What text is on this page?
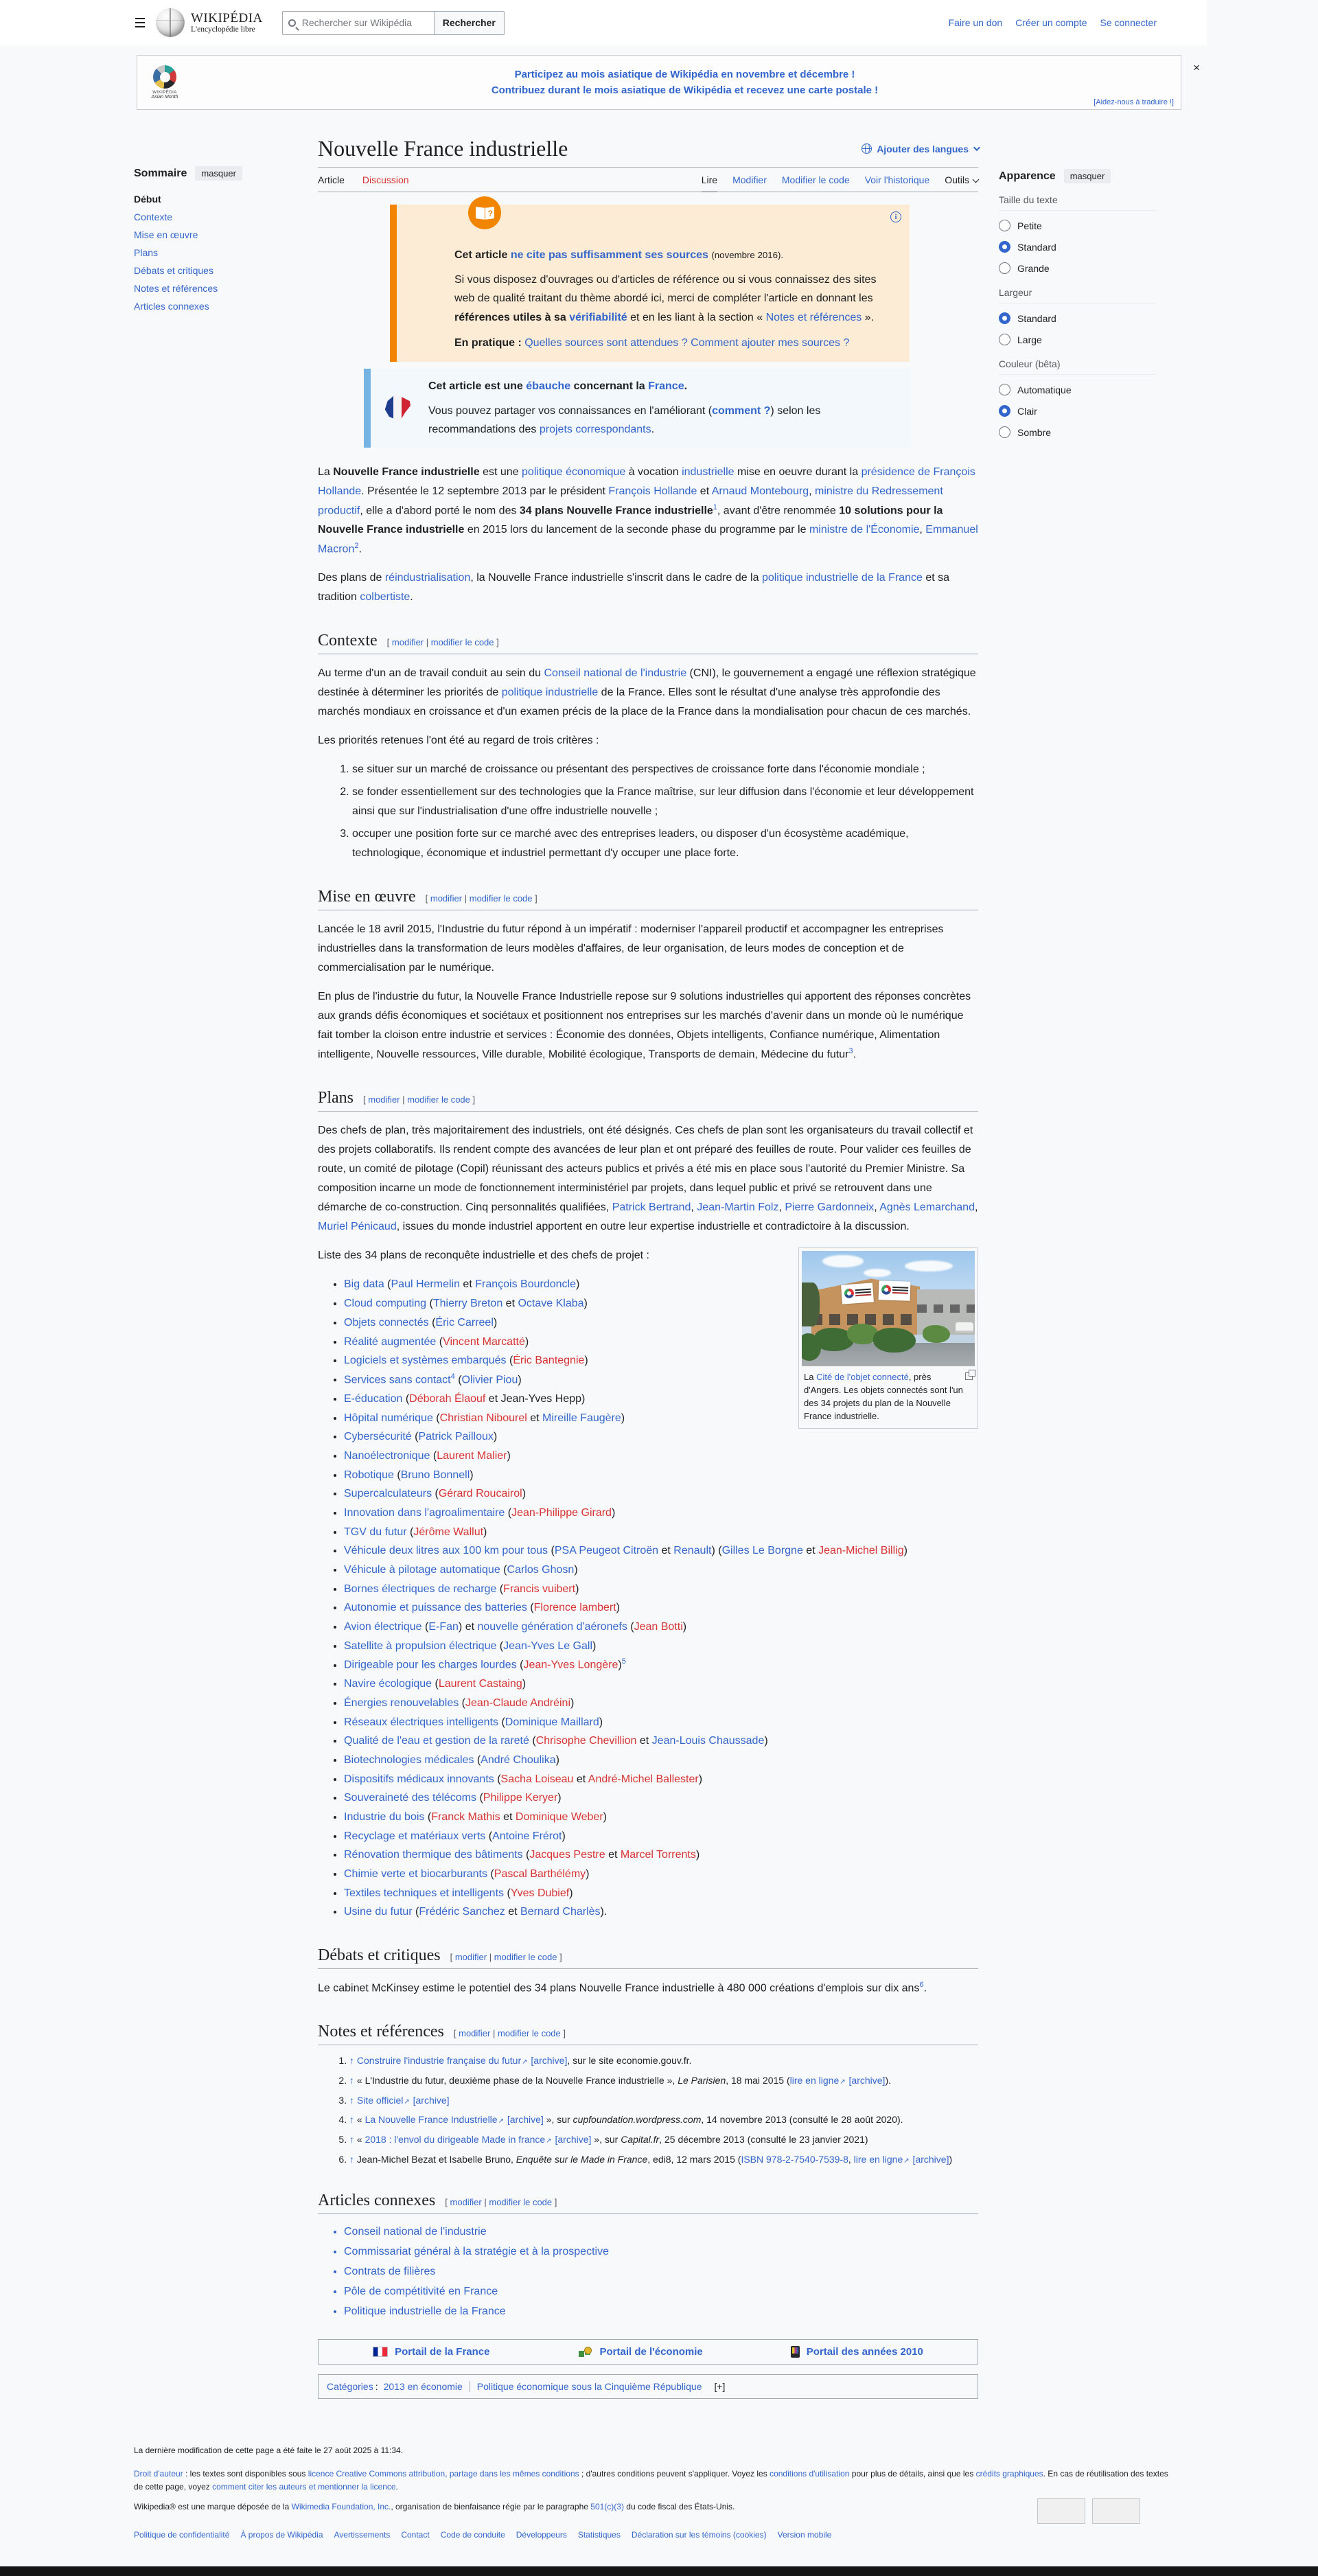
WIKIPÉDIA
L'encyclopédie libre
Rechercher sur Wikipédia
Rechercher	Faire un don Créer un compte Se connecter
WIKIPÉDIA
Asian Month
Participez au mois asiatique de Wikipédia en novembre et décembre !
Contribuez durant le mois asiatique de Wikipédia et recevez une carte postale !
[Aidez-nous à traduire !]
×
Sommaire	masquer
Début
Contexte
Mise en œuvre
Plans
Débats et critiques
Notes et références
Articles connexes
Nouvelle France industrielle	Ajouter des langues
Article Discussion	Lire Modifier Modifier le code Voir l'historique Outils
?	i
Cet article ne cite pas suffisamment ses sources (novembre 2016).
Si vous disposez d'ouvrages ou d'articles de référence ou si vous connaissez des sites web de qualité traitant du thème abordé ici, merci de compléter l'article en donnant les références utiles à sa vérifiabilité et en les liant à la section « Notes et références ».
En pratique : Quelles sources sont attendues ? Comment ajouter mes sources ?
Cet article est une ébauche concernant la France.
Vous pouvez partager vos connaissances en l'améliorant (comment ?) selon les recommandations des projets correspondants.

La Nouvelle France industrielle est une politique économique à vocation industrielle mise en oeuvre durant la présidence de François Hollande. Présentée le 12 septembre 2013 par le président François Hollande et Arnaud Montebourg, ministre du Redressement productif, elle a d'abord porté le nom des 34 plans Nouvelle France industrielle$^1$, avant d'être renommée 10 solutions pour la Nouvelle France industrielle en 2015 lors du lancement de la seconde phase du programme par le ministre de l'Économie, Emmanuel Macron$^2$.

Des plans de réindustrialisation, la Nouvelle France industrielle s'inscrit dans le cadre de la politique industrielle de la France et sa tradition colbertiste.

Contexte [ modifier | modifier le code ]

Au terme d'un an de travail conduit au sein du Conseil national de l'industrie (CNI), le gouvernement a engagé une réflexion stratégique destinée à déterminer les priorités de politique industrielle de la France. Elles sont le résultat d'une analyse très approfondie des marchés mondiaux en croissance et d'un examen précis de la place de la France dans la mondialisation pour chacun de ces marchés.

Les priorités retenues l'ont été au regard de trois critères :

1. se situer sur un marché de croissance ou présentant des perspectives de croissance forte dans l'économie mondiale ;
2. se fonder essentiellement sur des technologies que la France maîtrise, sur leur diffusion dans l'économie et leur développement ainsi que sur l'industrialisation d'une offre industrielle nouvelle ;
3. occuper une position forte sur ce marché avec des entreprises leaders, ou disposer d'un écosystème académique, technologique, économique et industriel permettant d'y occuper une place forte.
Mise en œuvre [ modifier | modifier le code ]

Lancée le 18 avril 2015, l'Industrie du futur répond à un impératif : moderniser l'appareil productif et accompagner les entreprises industrielles dans la transformation de leurs modèles d'affaires, de leur organisation, de leurs modes de conception et de commercialisation par le numérique.

En plus de l'industrie du futur, la Nouvelle France Industrielle repose sur 9 solutions industrielles qui apportent des réponses concrètes aux grands défis économiques et sociétaux et positionnent nos entreprises sur les marchés d'avenir dans un monde où le numérique fait tomber la cloison entre industrie et services : Économie des données, Objets intelligents, Confiance numérique, Alimentation intelligente, Nouvelle ressources, Ville durable, Mobilité écologique, Transports de demain, Médecine du futur$^3$.

Plans [ modifier | modifier le code ]

Des chefs de plan, très majoritairement des industriels, ont été désignés. Ces chefs de plan sont les organisateurs du travail collectif et des projets collaboratifs. Ils rendent compte des avancées de leur plan et ont préparé des feuilles de route. Pour valider ces feuilles de route, un comité de pilotage (Copil) réunissant des acteurs publics et privés a été mis en place sous l'autorité du Premier Ministre. Sa composition incarne un mode de fonctionnement interministériel par projets, dans lequel public et privé se retrouvent dans une démarche de co-construction. Cinq personnalités qualifiées, Patrick Bertrand, Jean-Martin Folz, Pierre Gardonneix, Agnès Lemarchand, Muriel Pénicaud, issues du monde industriel apportent en outre leur expertise industrielle et contradictoire à la discussion.

La Cité de l'objet connecté, près d'Angers. Les objets connectés sont l'un des 34 projets du plan de la Nouvelle France industrielle.

Liste des 34 plans de reconquête industrielle et des chefs de projet :

• Big data (Paul Hermelin et François Bourdoncle)
• Cloud computing (Thierry Breton et Octave Klaba)
• Objets connectés (Éric Carreel)
• Réalité augmentée (Vincent Marcatté)
• Logiciels et systèmes embarqués (Éric Bantegnie)
• Services sans contact$^4$ (Olivier Piou)
• E-éducation (Déborah Élaouf et Jean-Yves Hepp)
• Hôpital numérique (Christian Nibourel et Mireille Faugère)
• Cybersécurité (Patrick Pailloux)
• Nanoélectronique (Laurent Malier)
• Robotique (Bruno Bonnell)
• Supercalculateurs (Gérard Roucairol)
• Innovation dans l'agroalimentaire (Jean-Philippe Girard)
• TGV du futur (Jérôme Wallut)
• Véhicule deux litres aux 100 km pour tous (PSA Peugeot Citroën et Renault) (Gilles Le Borgne et Jean-Michel Billig)
• Véhicule à pilotage automatique (Carlos Ghosn)
• Bornes électriques de recharge (Francis vuibert)
• Autonomie et puissance des batteries (Florence lambert)
• Avion électrique (E-Fan) et nouvelle génération d'aéronefs (Jean Botti)
• Satellite à propulsion électrique (Jean-Yves Le Gall)
• Dirigeable pour les charges lourdes (Jean-Yves Longère)$^5$
• Navire écologique (Laurent Castaing)
• Énergies renouvelables (Jean-Claude Andréini)
• Réseaux électriques intelligents (Dominique Maillard)
• Qualité de l'eau et gestion de la rareté (Chrisophe Chevillion et Jean-Louis Chaussade)
• Biotechnologies médicales (André Choulika)
• Dispositifs médicaux innovants (Sacha Loiseau et André-Michel Ballester)
• Souveraineté des télécoms (Philippe Keryer)
• Industrie du bois (Franck Mathis et Dominique Weber)
• Recyclage et matériaux verts (Antoine Frérot)
• Rénovation thermique des bâtiments (Jacques Pestre et Marcel Torrents)
• Chimie verte et biocarburants (Pascal Barthélémy)
• Textiles techniques et intelligents (Yves Dubief)
• Usine du futur (Frédéric Sanchez et Bernard Charlès).
Débats et critiques [ modifier | modifier le code ]

Le cabinet McKinsey estime le potentiel des 34 plans Nouvelle France industrielle à 480 000 créations d'emplois sur dix ans$^6$.

Notes et références [ modifier | modifier le code ]
1. ↑ Construire l'industrie française du futur↗ [archive], sur le site economie.gouv.fr.
2. ↑ « L'Industrie du futur, deuxième phase de la Nouvelle France industrielle », Le Parisien, 18 mai 2015 (lire en ligne↗ [archive]).
3. ↑ Site officiel↗ [archive]
4. ↑ « La Nouvelle France Industrielle↗ [archive] », sur cupfoundation.wordpress.com, 14 novembre 2013 (consulté le 28 août 2020).
5. ↑ « 2018 : l'envol du dirigeable Made in france↗ [archive] », sur Capital.fr, 25 décembre 2013 (consulté le 23 janvier 2021)
6. ↑ Jean-Michel Bezat et Isabelle Bruno, Enquête sur le Made in France, edi8, 12 mars 2015 (ISBN 978-2-7540-7539-8, lire en ligne↗ [archive])
Articles connexes [ modifier | modifier le code ]
• Conseil national de l'industrie
• Commissariat général à la stratégie et à la prospective
• Contrats de filières
• Pôle de compétitivité en France
• Politique industrielle de la France
Portail de la France	Portail de l'économie	Portail des années 2010
Catégories : 2013 en économie	Politique économique sous la Cinquième République	[+]
Apparence	masquer
Taille du texte
Petite
Standard
Grande
Largeur
Standard
Large
Couleur (bêta)
Automatique
Clair
Sombre
La dernière modification de cette page a été faite le 27 août 2025 à 11:34.
Droit d'auteur : les textes sont disponibles sous licence Creative Commons attribution, partage dans les mêmes conditions ; d'autres conditions peuvent s'appliquer. Voyez les conditions d'utilisation pour plus de détails, ainsi que les crédits graphiques. En cas de réutilisation des textes de cette page, voyez comment citer les auteurs et mentionner la licence.
Wikipedia® est une marque déposée de la Wikimedia Foundation, Inc., organisation de bienfaisance régie par le paragraphe 501(c)(3) du code fiscal des États-Unis.
Politique de confidentialité À propos de Wikipédia Avertissements Contact Code de conduite Développeurs Statistiques Déclaration sur les témoins (cookies) Version mobile
